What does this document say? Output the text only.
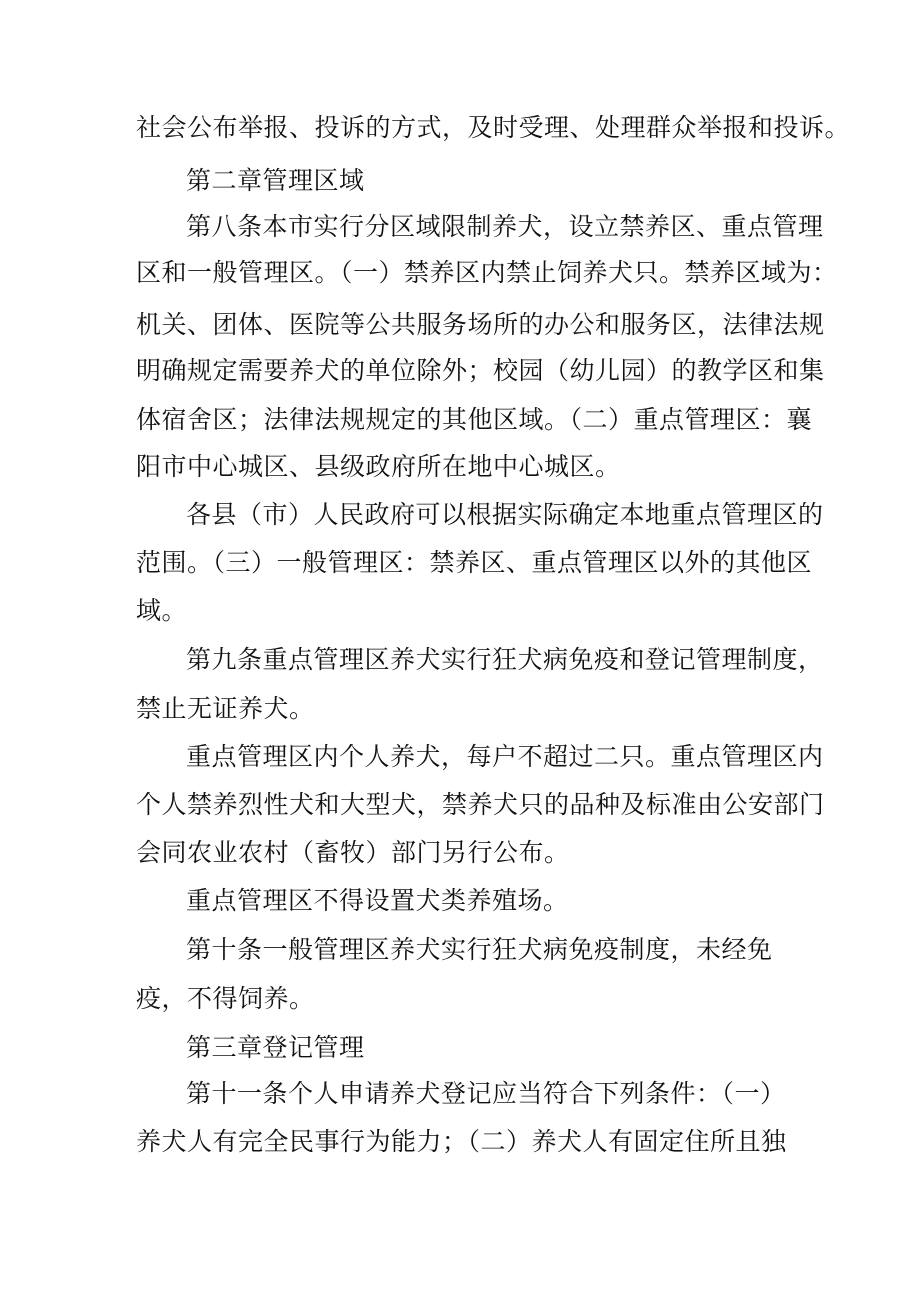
社会公布举报、投诉的方式，及时受理、处理群众举报和投诉。
第二章管理区域
第八条本市实行分区域限制养犬，设立禁养区、重点管理
区和一般管理区。（一）禁养区内禁止饲养犬只。禁养区域为：
机关、团体、医院等公共服务场所的办公和服务区，法律法规
明确规定需要养犬的单位除外；校园（幼儿园）的教学区和集
体宿舍区；法律法规规定的其他区域。（二）重点管理区：襄
阳市中心城区、县级政府所在地中心城区。
各县（市）人民政府可以根据实际确定本地重点管理区的
范围。（三）一般管理区：禁养区、重点管理区以外的其他区
域。
第九条重点管理区养犬实行狂犬病免疫和登记管理制度，
禁止无证养犬。
重点管理区内个人养犬，每户不超过二只。重点管理区内
个人禁养烈性犬和大型犬，禁养犬只的品种及标准由公安部门
会同农业农村（畜牧）部门另行公布。
重点管理区不得设置犬类养殖场。
第十条一般管理区养犬实行狂犬病免疫制度，未经免
疫，不得饲养。
第三章登记管理
第十一条个人申请养犬登记应当符合下列条件：（一）
养犬人有完全民事行为能力；（二）养犬人有固定住所且独
